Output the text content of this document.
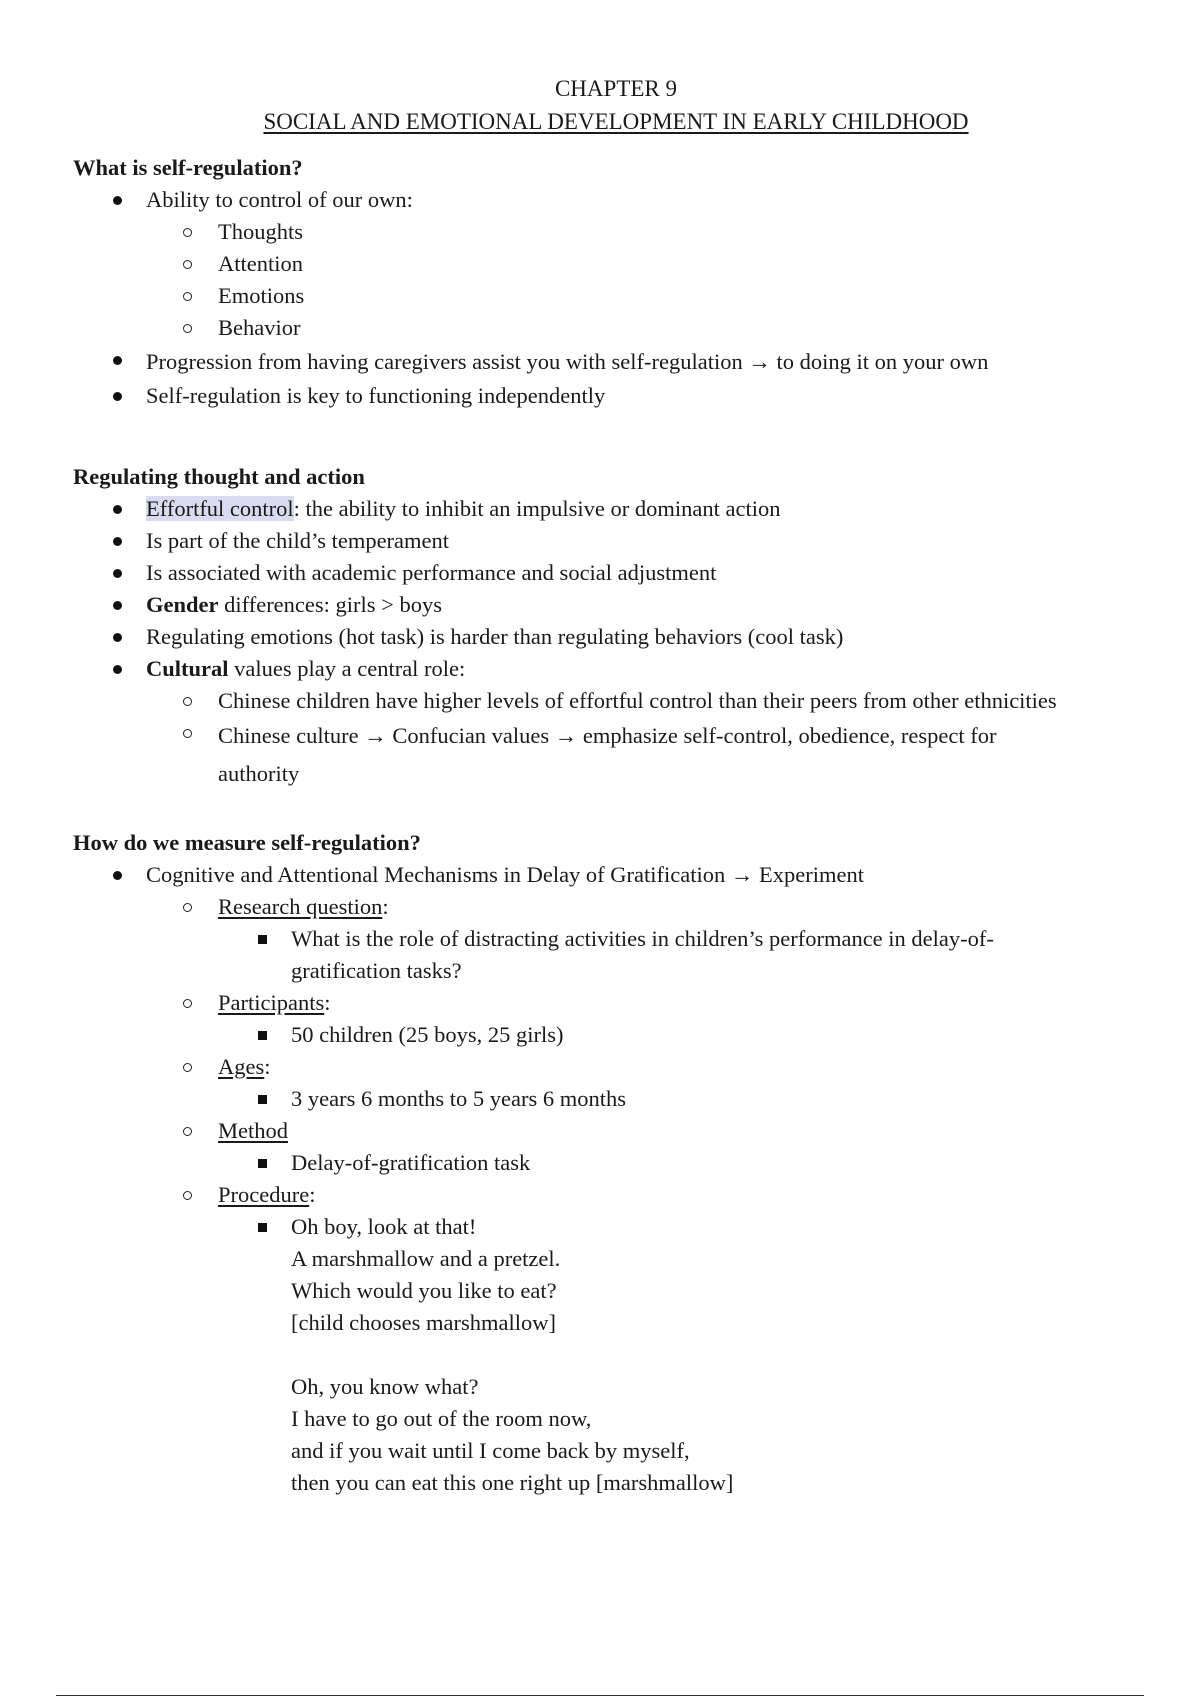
CHAPTER 9
SOCIAL AND EMOTIONAL DEVELOPMENT IN EARLY CHILDHOOD

What is self-regulation?

Ability to control of our own:
Thoughts
Attention
Emotions
Behavior
Progression from having caregivers assist you with self-regulation → to doing it on your own
Self-regulation is key to functioning independently

Regulating thought and action

Effortful control: the ability to inhibit an impulsive or dominant action
Is part of the child’s temperament
Is associated with academic performance and social adjustment
Gender differences: girls > boys
Regulating emotions (hot task) is harder than regulating behaviors (cool task)
Cultural values play a central role:
Chinese children have higher levels of effortful control than their peers from other ethnicities
Chinese culture → Confucian values → emphasize self-control, obedience, respect for
authority

How do we measure self-regulation?

Cognitive and Attentional Mechanisms in Delay of Gratification → Experiment
Research question:
What is the role of distracting activities in children’s performance in delay-of-
gratification tasks?
Participants:
50 children (25 boys, 25 girls)
Ages:
3 years 6 months to 5 years 6 months
Method
Delay-of-gratification task
Procedure:
Oh boy, look at that!
A marshmallow and a pretzel.
Which would you like to eat?
[child chooses marshmallow]
Oh, you know what?
I have to go out of the room now,
and if you wait until I come back by myself,
then you can eat this one right up [marshmallow]
